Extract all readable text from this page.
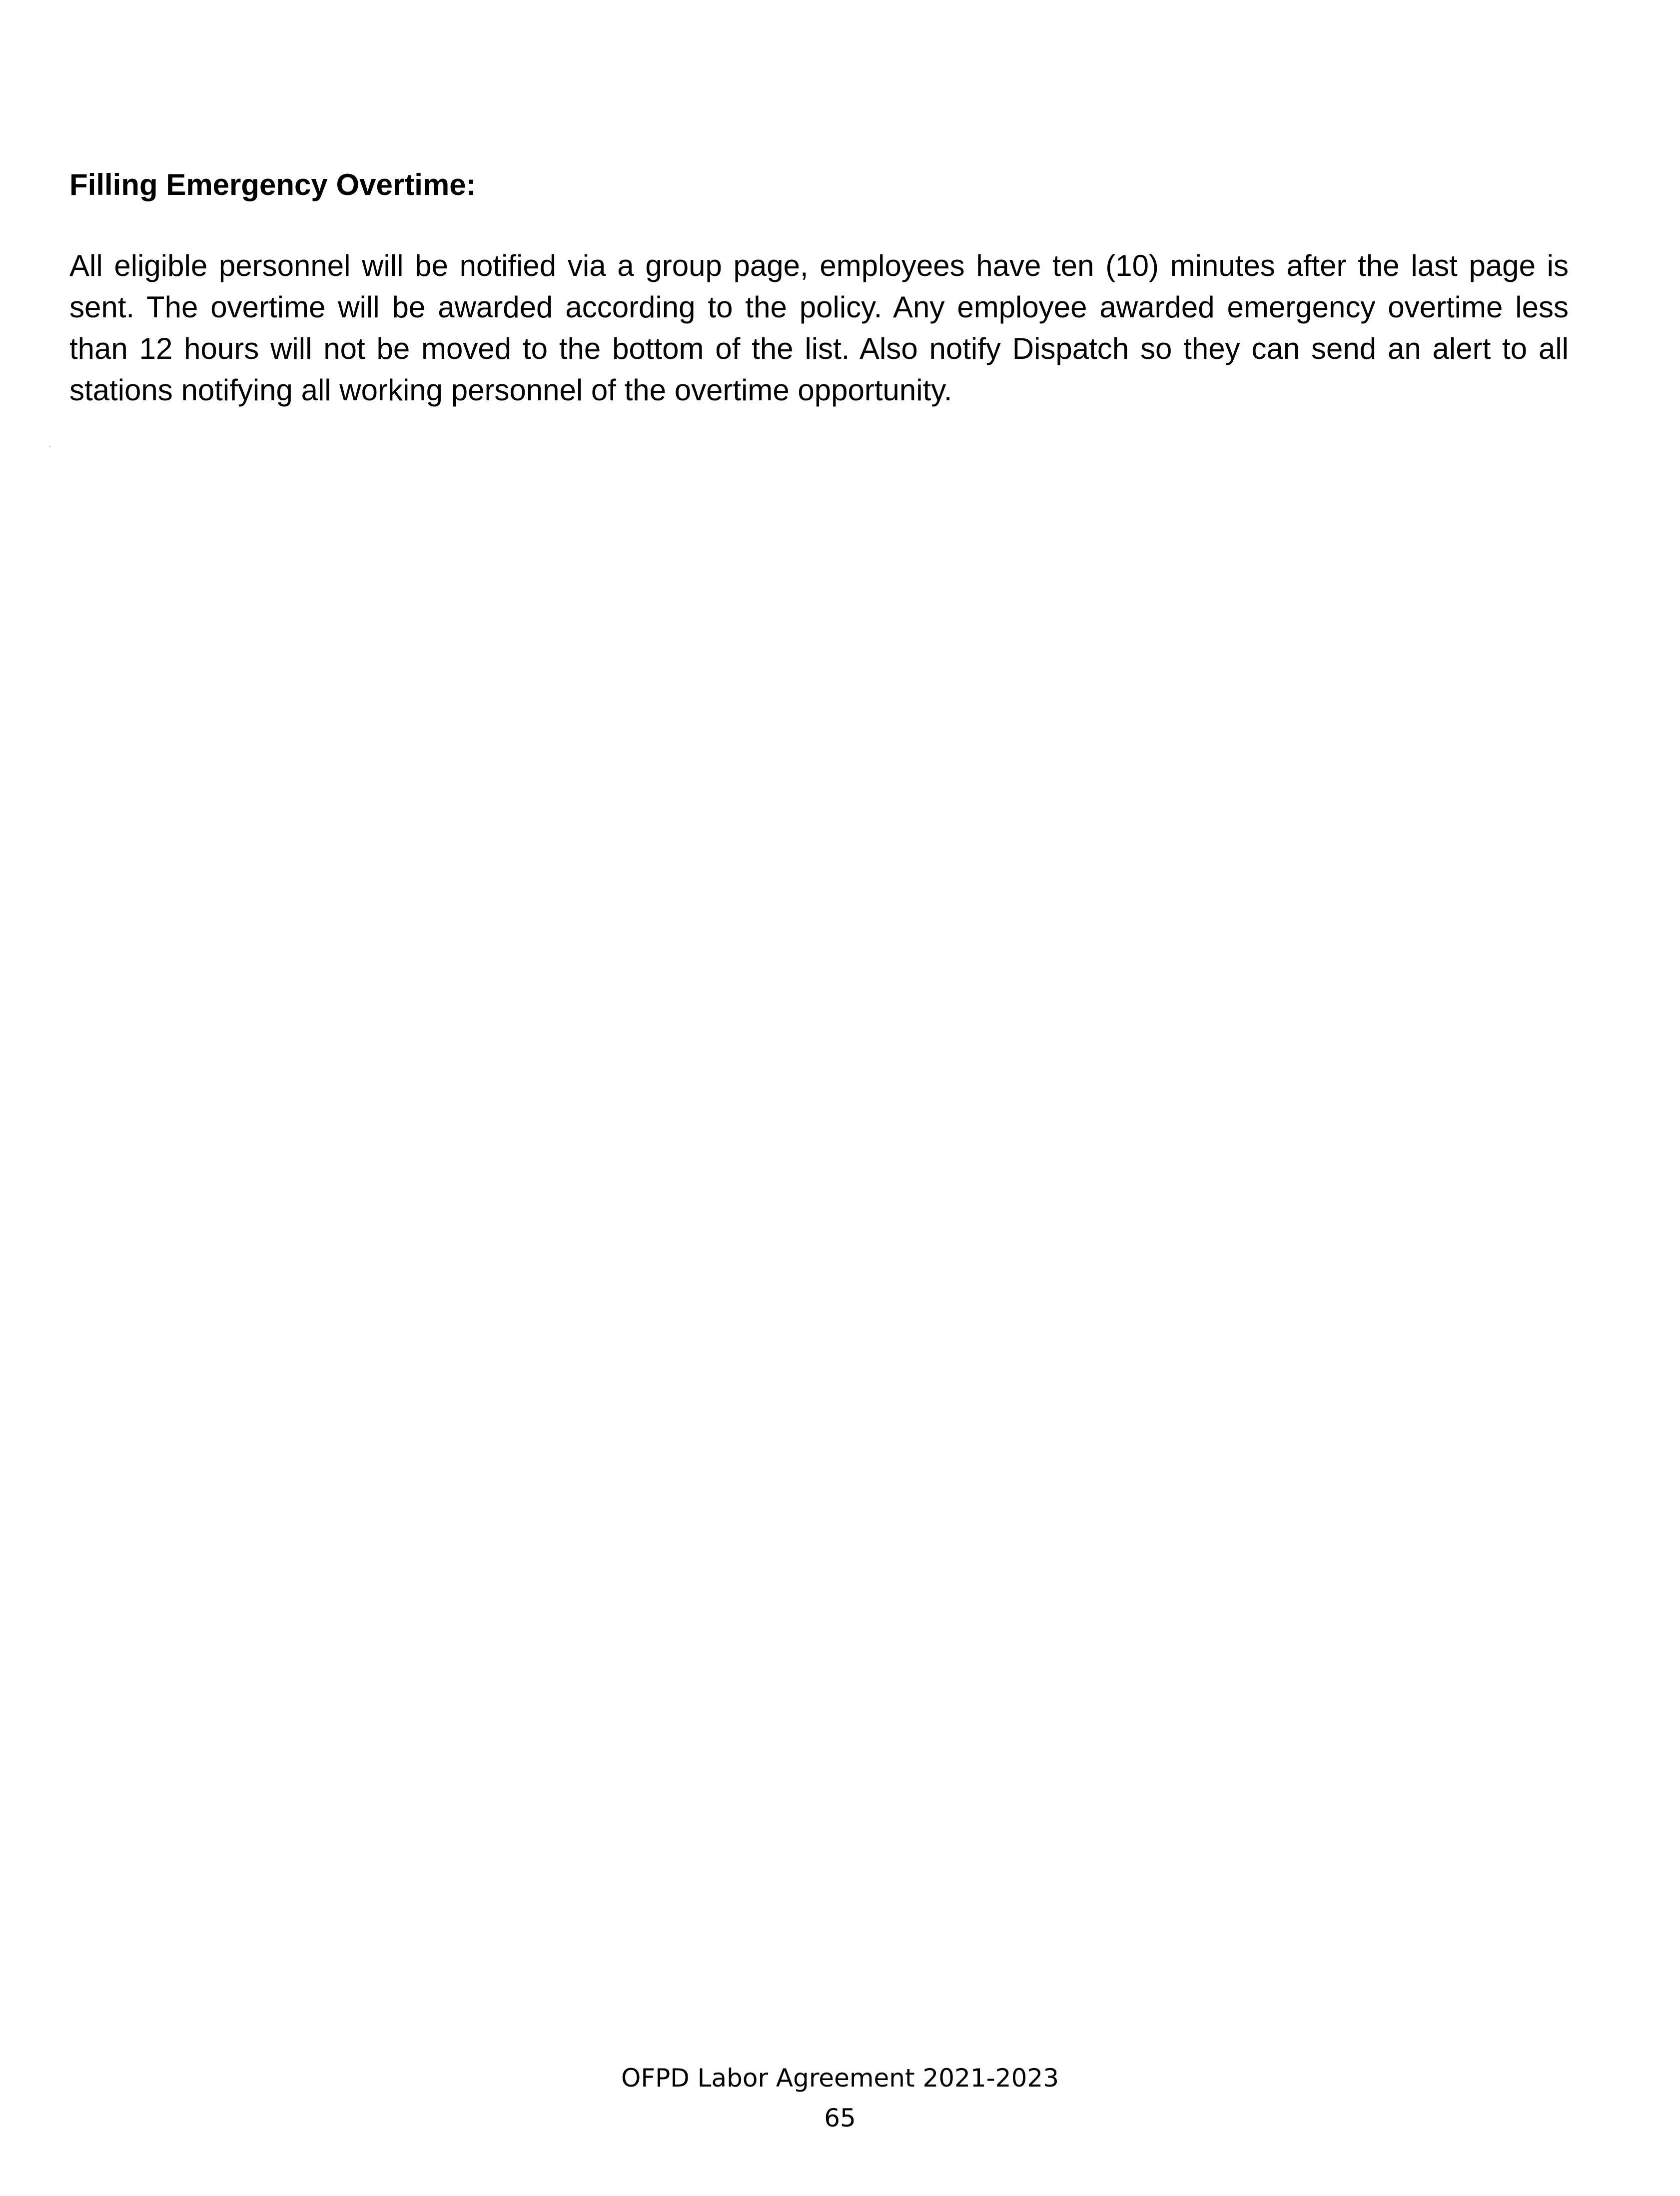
Filling Emergency Overtime:

All eligible personnel will be notified via a group page, employees have ten (10) minutes after the last page is
sent. The overtime will be awarded according to the policy. Any employee awarded emergency overtime less
than 12 hours will not be moved to the bottom of the list. Also notify Dispatch so they can send an alert to all
stations notifying all working personnel of the overtime opportunity.

OFPD Labor Agreement 2021-2023
65
